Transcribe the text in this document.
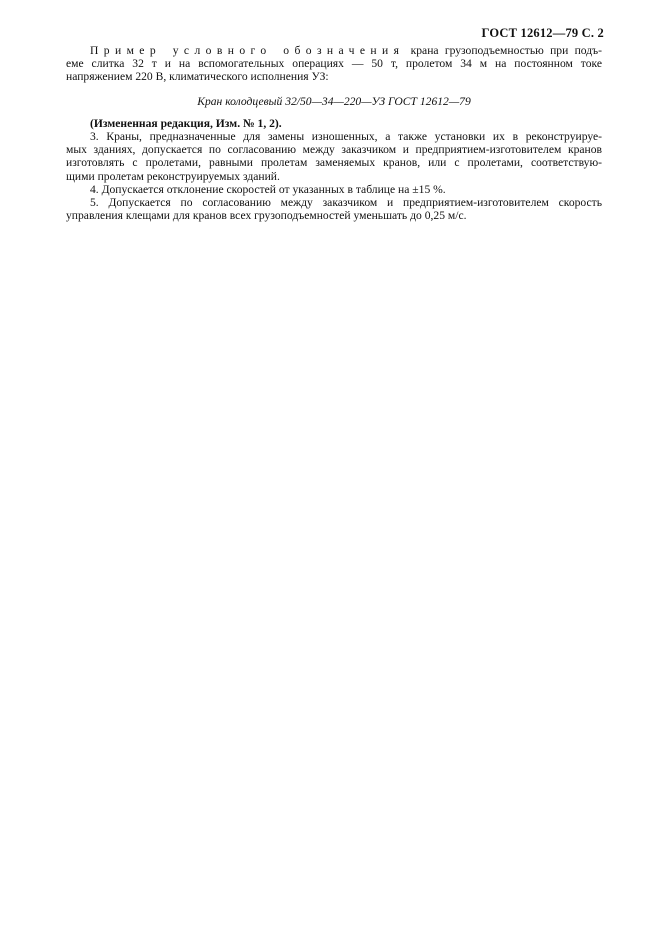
ГОСТ 12612—79 С. 2
Пример условного обозначения крана грузоподъемностью при подъ-
еме слитка 32 т и на вспомогательных операциях — 50 т, пролетом 34 м на постоянном токе
напряжением 220 В, климатического исполнения УЗ:
Кран колодцевый 32/50—34—220—УЗ ГОСТ 12612—79
(Измененная редакция, Изм. № 1, 2).
3. Краны, предназначенные для замены изношенных, а также установки их в реконструируе-
мых зданиях, допускается по согласованию между заказчиком и предприятием-изготовителем кранов
изготовлять с пролетами, равными пролетам заменяемых кранов, или с пролетами, соответствую-
щими пролетам реконструируемых зданий.
4. Допускается отклонение скоростей от указанных в таблице на ±15 %.
5. Допускается по согласованию между заказчиком и предприятием-изготовителем скорость
управления клещами для кранов всех грузоподъемностей уменьшать до 0,25 м/с.
